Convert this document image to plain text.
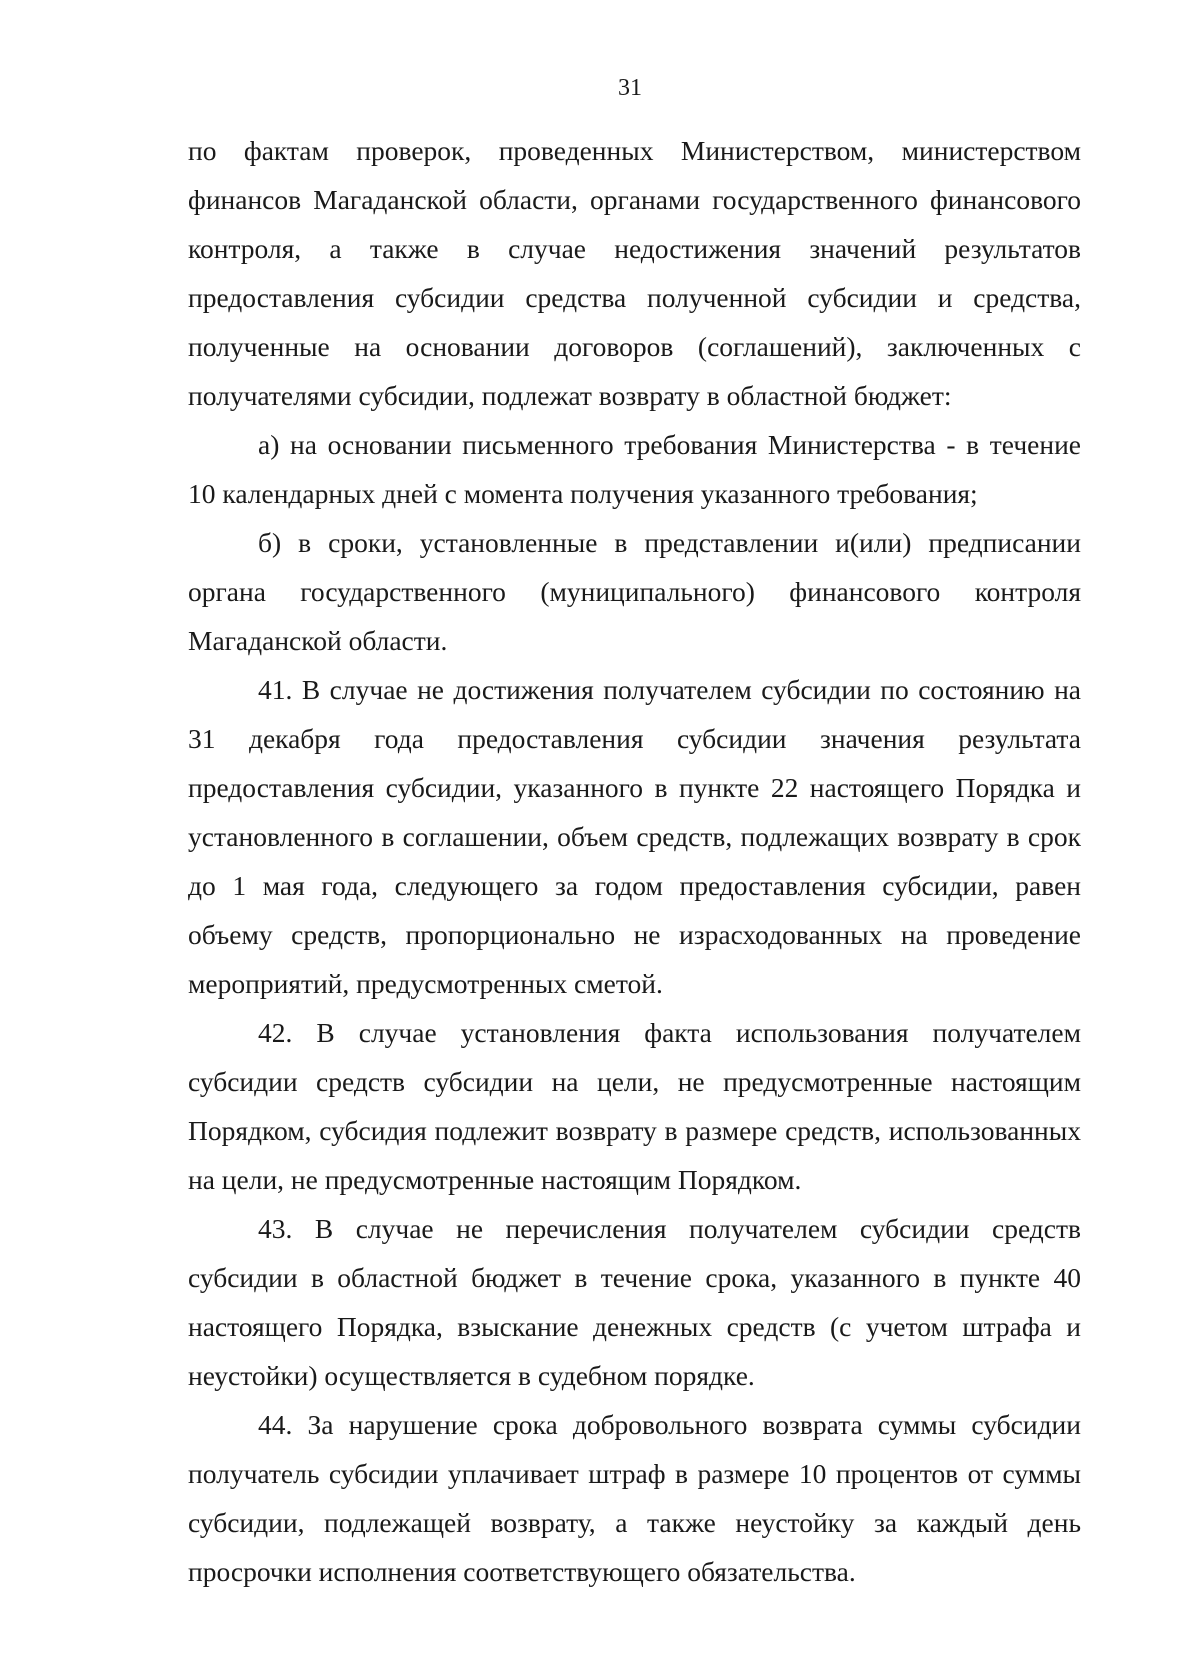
31

по фактам проверок, проведенных Министерством, министерством финансов Магаданской области, органами государственного финансового контроля, а также в случае недостижения значений результатов предоставления субсидии средства полученной субсидии и средства, полученные на основании договоров (соглашений), заключенных с получателями субсидии, подлежат возврату в областной бюджет:

а) на основании письменного требования Министерства - в течение 10 календарных дней с момента получения указанного требования;

б) в сроки, установленные в представлении и(или) предписании органа государственного (муниципального) финансового контроля Магаданской области.

41. В случае не достижения получателем субсидии по состоянию на 31 декабря года предоставления субсидии значения результата предоставления субсидии, указанного в пункте 22 настоящего Порядка и установленного в соглашении, объем средств, подлежащих возврату в срок до 1 мая года, следующего за годом предоставления субсидии, равен объему средств, пропорционально не израсходованных на проведение мероприятий, предусмотренных сметой.

42. В случае установления факта использования получателем субсидии средств субсидии на цели, не предусмотренные настоящим Порядком, субсидия подлежит возврату в размере средств, использованных на цели, не предусмотренные настоящим Порядком.

43. В случае не перечисления получателем субсидии средств субсидии в областной бюджет в течение срока, указанного в пункте 40 настоящего Порядка, взыскание денежных средств (с учетом штрафа и неустойки) осуществляется в судебном порядке.

44. За нарушение срока добровольного возврата суммы субсидии получатель субсидии уплачивает штраф в размере 10 процентов от суммы субсидии, подлежащей возврату, а также неустойку за каждый день просрочки исполнения соответствующего обязательства.
